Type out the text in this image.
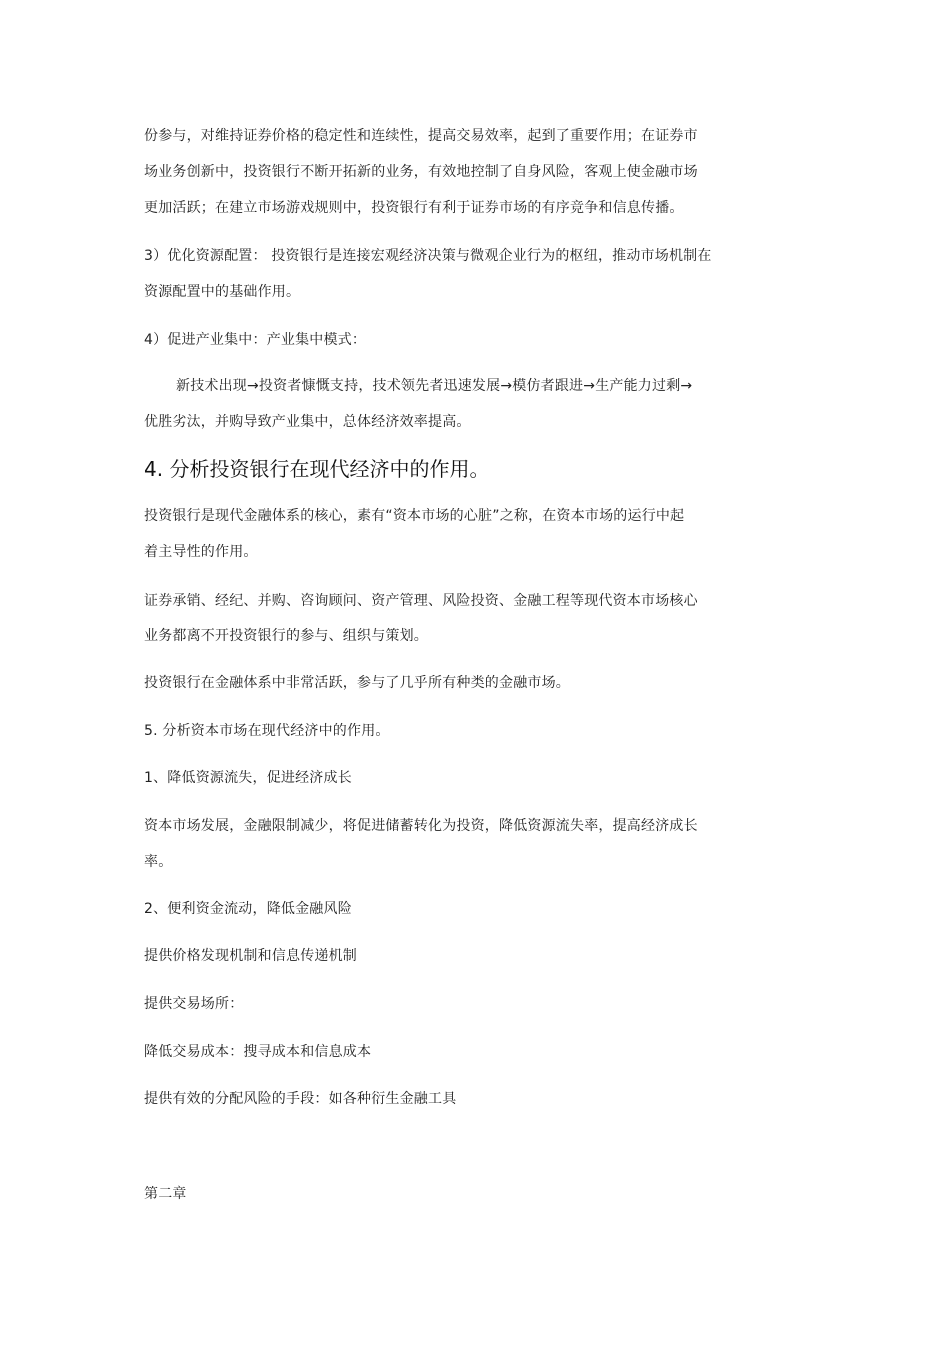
份参与，对维持证券价格的稳定性和连续性，提高交易效率，起到了重要作用；在证券市
场业务创新中，投资银行不断开拓新的业务，有效地控制了自身风险，客观上使金融市场
更加活跃；在建立市场游戏规则中，投资银行有利于证券市场的有序竞争和信息传播。
3）优化资源配置： 投资银行是连接宏观经济决策与微观企业行为的枢纽，推动市场机制在
资源配置中的基础作用。
4）促进产业集中：产业集中模式：
新技术出现→投资者慷慨支持，技术领先者迅速发展→模仿者跟进→生产能力过剩→
优胜劣汰，并购导致产业集中，总体经济效率提高。
4. 分析投资银行在现代经济中的作用。
投资银行是现代金融体系的核心，素有“资本市场的心脏”之称，在资本市场的运行中起
着主导性的作用。
证券承销、经纪、并购、咨询顾问、资产管理、风险投资、金融工程等现代资本市场核心
业务都离不开投资银行的参与、组织与策划。
投资银行在金融体系中非常活跃，参与了几乎所有种类的金融市场。
5. 分析资本市场在现代经济中的作用。
1、降低资源流失，促进经济成长
资本市场发展，金融限制减少，将促进储蓄转化为投资，降低资源流失率，提高经济成长
率。
2、便利资金流动，降低金融风险
提供价格发现机制和信息传递机制
提供交易场所：
降低交易成本：搜寻成本和信息成本
提供有效的分配风险的手段：如各种衍生金融工具
第二章
